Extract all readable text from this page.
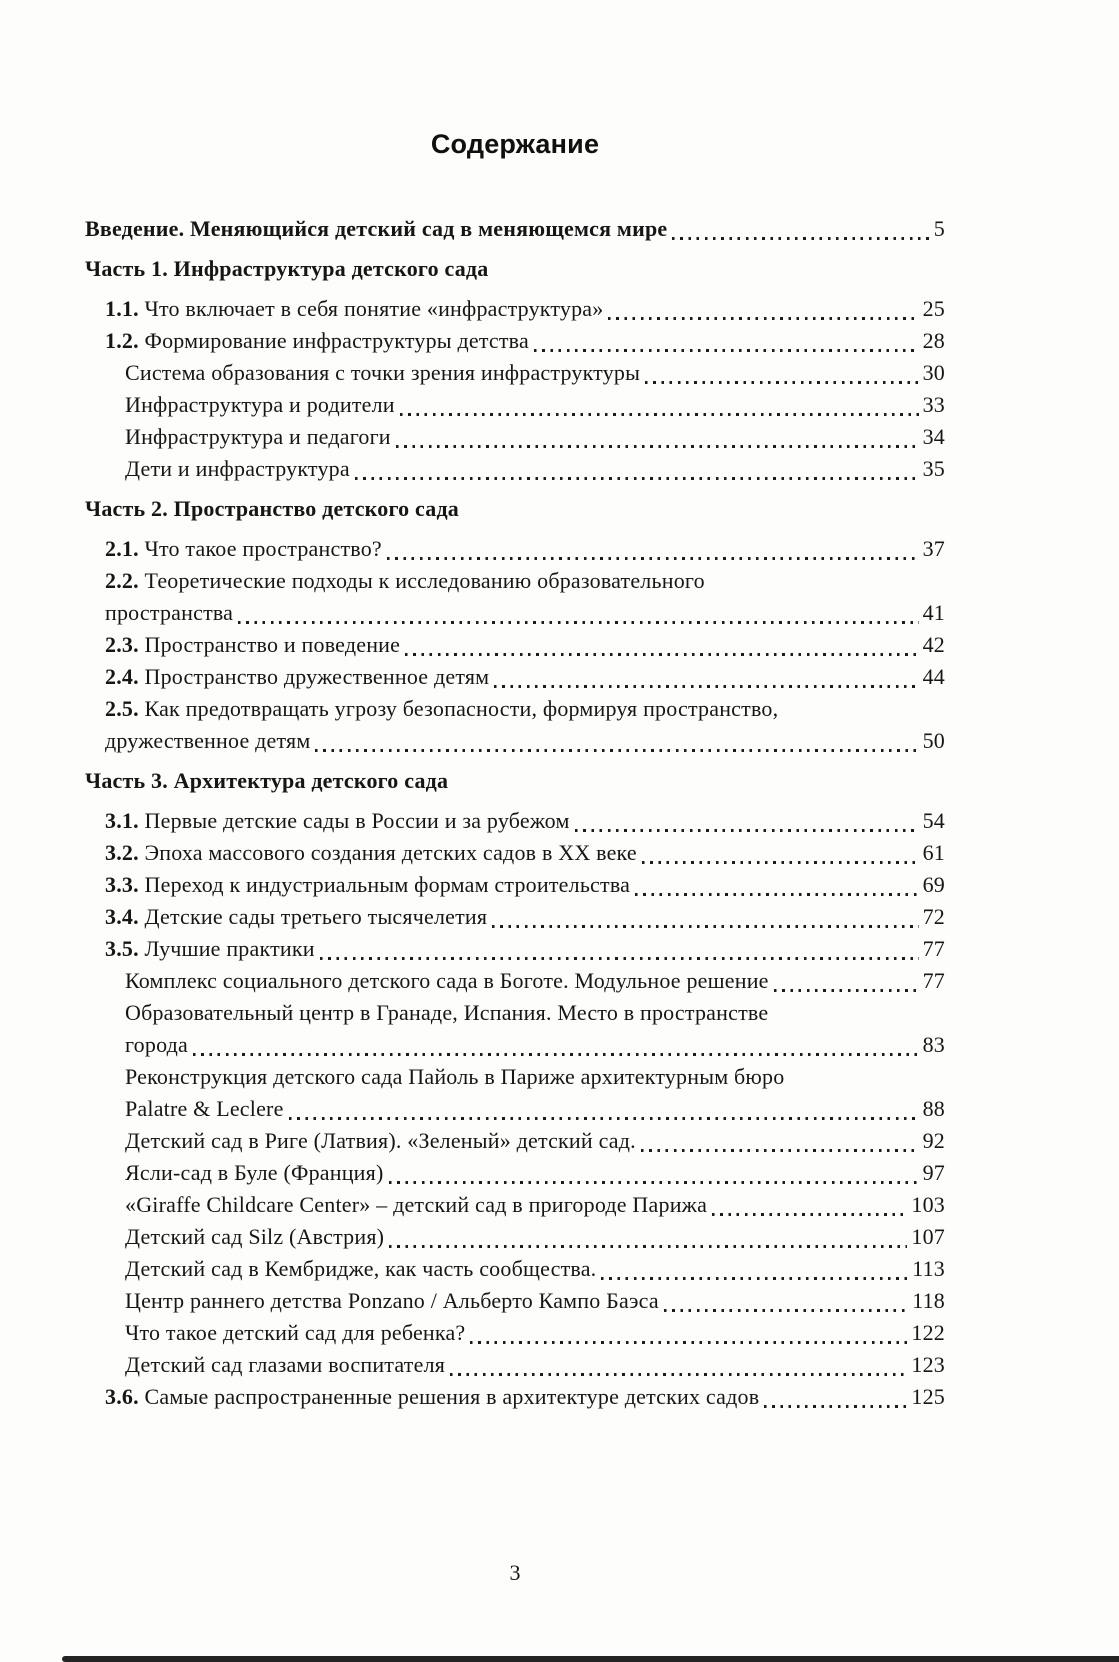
Содержание
Введение. Меняющийся детский сад в меняющемся мире	5
Часть 1. Инфраструктура детского сада
1.1. Что включает в себя понятие «инфраструктура»	25
1.2. Формирование инфраструктуры детства	28
Система образования с точки зрения инфраструктуры	30
Инфраструктура и родители	33
Инфраструктура и педагоги	34
Дети и инфраструктура	35
Часть 2. Пространство детского сада
2.1. Что такое пространство?	37
2.2. Теоретические подходы к исследованию образовательного
пространства	41
2.3. Пространство и поведение	42
2.4. Пространство дружественное детям	44
2.5. Как предотвращать угрозу безопасности, формируя пространство,
дружественное детям	50
Часть 3. Архитектура детского сада
3.1. Первые детские сады в России и за рубежом	54
3.2. Эпоха массового создания детских садов в XX веке	61
3.3. Переход к индустриальным формам строительства	69
3.4. Детские сады третьего тысячелетия	72
3.5. Лучшие практики	77
Комплекс социального детского сада в Боготе. Модульное решение	77
Образовательный центр в Гранаде, Испания. Место в пространстве
города	83
Реконструкция детского сада Пайоль в Париже архитектурным бюро
Palatre & Leclere	88
Детский сад в Риге (Латвия). «Зеленый» детский сад.	92
Ясли-сад в Буле (Франция)	97
«Giraffe Childcare Center» – детский сад в пригороде Парижа	103
Детский сад Silz (Австрия)	107
Детский сад в Кембридже, как часть сообщества.	113
Центр раннего детства Ponzano / Альберто Кампо Баэса	118
Что такое детский сад для ребенка?	122
Детский сад глазами воспитателя	123
3.6. Самые распространенные решения в архитектуре детских садов	125
3
